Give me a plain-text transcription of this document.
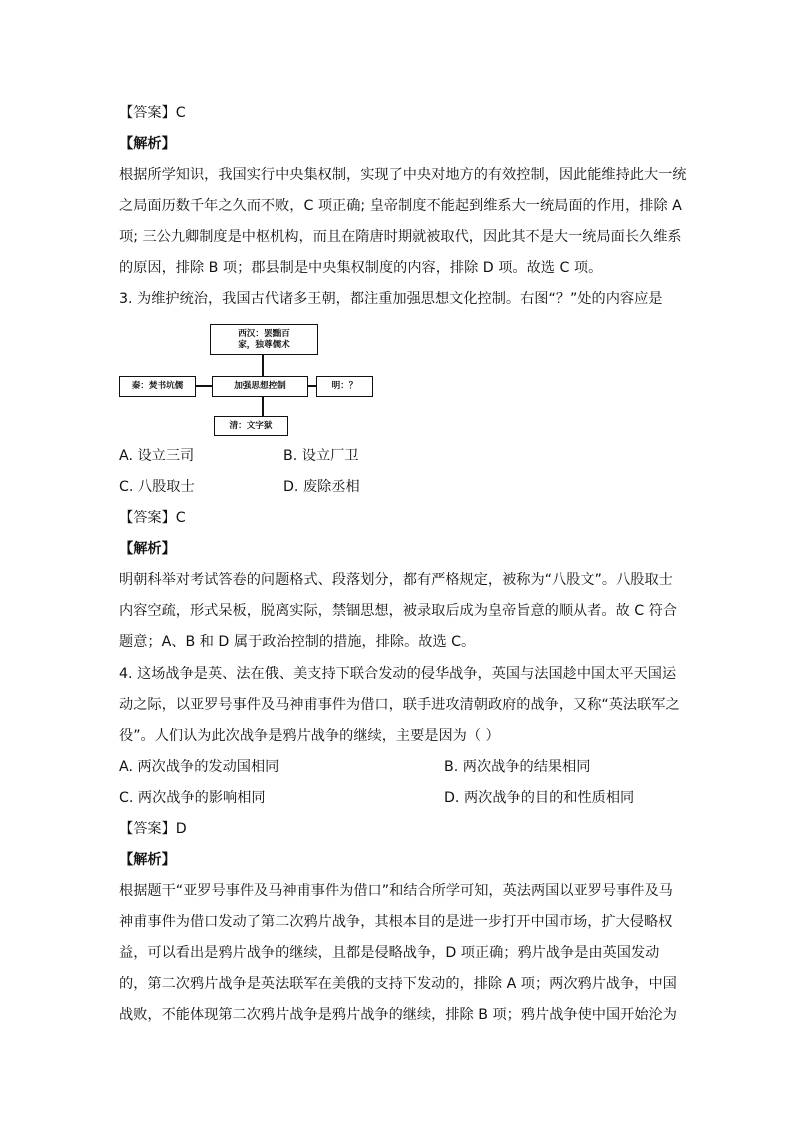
【答案】C
【解析】
根据所学知识，我国实行中央集权制，实现了中央对地方的有效控制，因此能维持此大一统
之局面历数千年之久而不败，C 项正确; 皇帝制度不能起到维系大一统局面的作用，排除 A
项; 三公九卿制度是中枢机构，而且在隋唐时期就被取代，因此其不是大一统局面长久维系
的原因，排除 B 项；郡县制是中央集权制度的内容，排除 D 项。故选 C 项。
3. 为维护统治，我国古代诸多王朝，都注重加强思想文化控制。右图“？”处的内容应是
西汉：罢黜百
家，独尊儒术
秦：焚书坑儒	加强思想控制	明：？
清：文字狱
A. 设立三司	B. 设立厂卫
C. 八股取士	D. 废除丞相
【答案】C
【解析】
明朝科举对考试答卷的问题格式、段落划分，都有严格规定，被称为“八股文”。八股取士
内容空疏，形式呆板，脱离实际，禁锢思想，被录取后成为皇帝旨意的顺从者。故 C 符合
题意；A、B 和 D 属于政治控制的措施，排除。故选 C。
4. 这场战争是英、法在俄、美支持下联合发动的侵华战争，英国与法国趁中国太平天国运
动之际，以亚罗号事件及马神甫事件为借口，联手进攻清朝政府的战争，又称“英法联军之
役”。人们认为此次战争是鸦片战争的继续，主要是因为（ ）
A. 两次战争的发动国相同	B. 两次战争的结果相同
C. 两次战争的影响相同	D. 两次战争的目的和性质相同
【答案】D
【解析】
根据题干“亚罗号事件及马神甫事件为借口”和结合所学可知，英法两国以亚罗号事件及马
神甫事件为借口发动了第二次鸦片战争，其根本目的是进一步打开中国市场，扩大侵略权
益，可以看出是鸦片战争的继续，且都是侵略战争，D 项正确；鸦片战争是由英国发动
的，第二次鸦片战争是英法联军在美俄的支持下发动的，排除 A 项；两次鸦片战争，中国
战败，不能体现第二次鸦片战争是鸦片战争的继续，排除 B 项；鸦片战争使中国开始沦为
